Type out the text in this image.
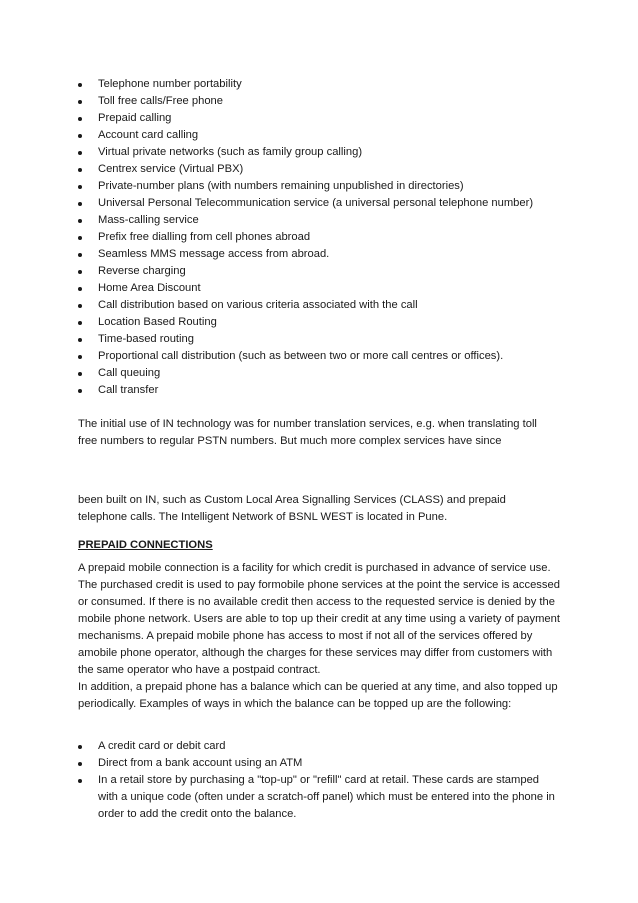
Telephone number portability
Toll free calls/Free phone
Prepaid calling
Account card calling
Virtual private networks (such as family group calling)
Centrex service (Virtual PBX)
Private-number plans (with numbers remaining unpublished in directories)
Universal Personal Telecommunication service (a universal personal telephone number)
Mass-calling service
Prefix free dialling from cell phones abroad
Seamless MMS message access from abroad.
Reverse charging
Home Area Discount
Call distribution based on various criteria associated with the call
Location Based Routing
Time-based routing
Proportional call distribution (such as between two or more call centres or offices).
Call queuing
Call transfer

The initial use of IN technology was for number translation services, e.g. when translating toll free numbers to regular PSTN numbers. But much more complex services have since

been built on IN, such as Custom Local Area Signalling Services (CLASS) and prepaid telephone calls. The Intelligent Network of BSNL WEST is located in Pune.

PREPAID CONNECTIONS

A prepaid mobile connection is a facility for which credit is purchased in advance of service use. The purchased credit is used to pay formobile phone services at the point the service is accessed or consumed. If there is no available credit then access to the requested service is denied by the mobile phone network. Users are able to top up their credit at any time using a variety of payment mechanisms. A prepaid mobile phone has access to most if not all of the services offered by amobile phone operator, although the charges for these services may differ from customers with the same operator who have a postpaid contract.

In addition, a prepaid phone has a balance which can be queried at any time, and also topped up periodically. Examples of ways in which the balance can be topped up are the following:

A credit card or debit card
Direct from a bank account using an ATM
In a retail store by purchasing a "top-up" or "refill" card at retail. These cards are stamped with a unique code (often under a scratch-off panel) which must be entered into the phone in order to add the credit onto the balance.
